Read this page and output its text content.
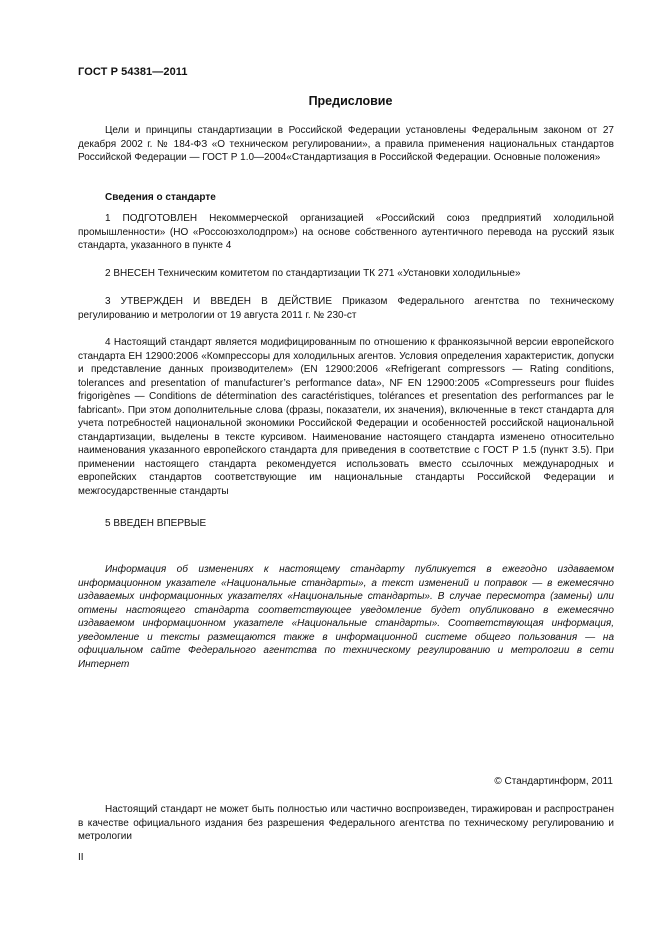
ГОСТ Р 54381—2011
Предисловие

Цели и принципы стандартизации в Российской Федерации установлены Федеральным законом от 27 декабря 2002 г. № 184-ФЗ «О техническом регулировании», а правила применения национальных стандартов Российской Федерации — ГОСТ Р 1.0—2004«Стандартизация в Российской Федерации. Основные положения»

Сведения о стандарте

1 ПОДГОТОВЛЕН Некоммерческой организацией «Российский союз предприятий холодильной промышленности» (НО «Россоюзхолодпром») на основе собственного аутентичного перевода на русский язык стандарта, указанного в пункте 4

2 ВНЕСЕН Техническим комитетом по стандартизации ТК 271 «Установки холодильные»

3 УТВЕРЖДЕН И ВВЕДЕН В ДЕЙСТВИЕ Приказом Федерального агентства по техническому регулированию и метрологии от 19 августа 2011 г. № 230-ст

4 Настоящий стандарт является модифицированным по отношению к франкоязычной версии европейского стандарта ЕН 12900:2006 «Компрессоры для холодильных агентов. Условия определения характеристик, допуски и представление данных производителем» (EN 12900:2006 «Refrigerant compressors — Rating conditions, tolerances and presentation of manufacturer’s performance data», NF EN 12900:2005 «Compresseurs pour fluides frigorigènes — Conditions de détermination des caractéristiques, tolérances et presentation des performances par le fabricant». При этом дополнительные слова (фразы, показатели, их значения), включенные в текст стандарта для учета потребностей национальной экономики Российской Федерации и особенностей российской национальной стандартизации, выделены в тексте курсивом. Наименование настоящего стандарта изменено относительно наименования указанного европейского стандарта для приведения в соответствие с ГОСТ Р 1.5 (пункт 3.5). При применении настоящего стандарта рекомендуется использовать вместо ссылочных международных и европейских стандартов соответствующие им национальные стандарты Российской Федерации и межгосударственные стандарты

5 ВВЕДЕН ВПЕРВЫЕ

Информация об изменениях к настоящему стандарту публикуется в ежегодно издаваемом информационном указателе «Национальные стандарты», а текст изменений и поправок — в ежемесячно издаваемых информационных указателях «Национальные стандарты». В случае пересмотра (замены) или отмены настоящего стандарта соответствующее уведомление будет опубликовано в ежемесячно издаваемом информационном указателе «Национальные стандарты». Соответствующая информация, уведомление и тексты размещаются также в информационной системе общего пользования — на официальном сайте Федерального агентства по техническому регулированию и метрологии в сети Интернет

© Стандартинформ, 2011

Настоящий стандарт не может быть полностью или частично воспроизведен, тиражирован и распространен в качестве официального издания без разрешения Федерального агентства по техническому регулированию и метрологии

II
